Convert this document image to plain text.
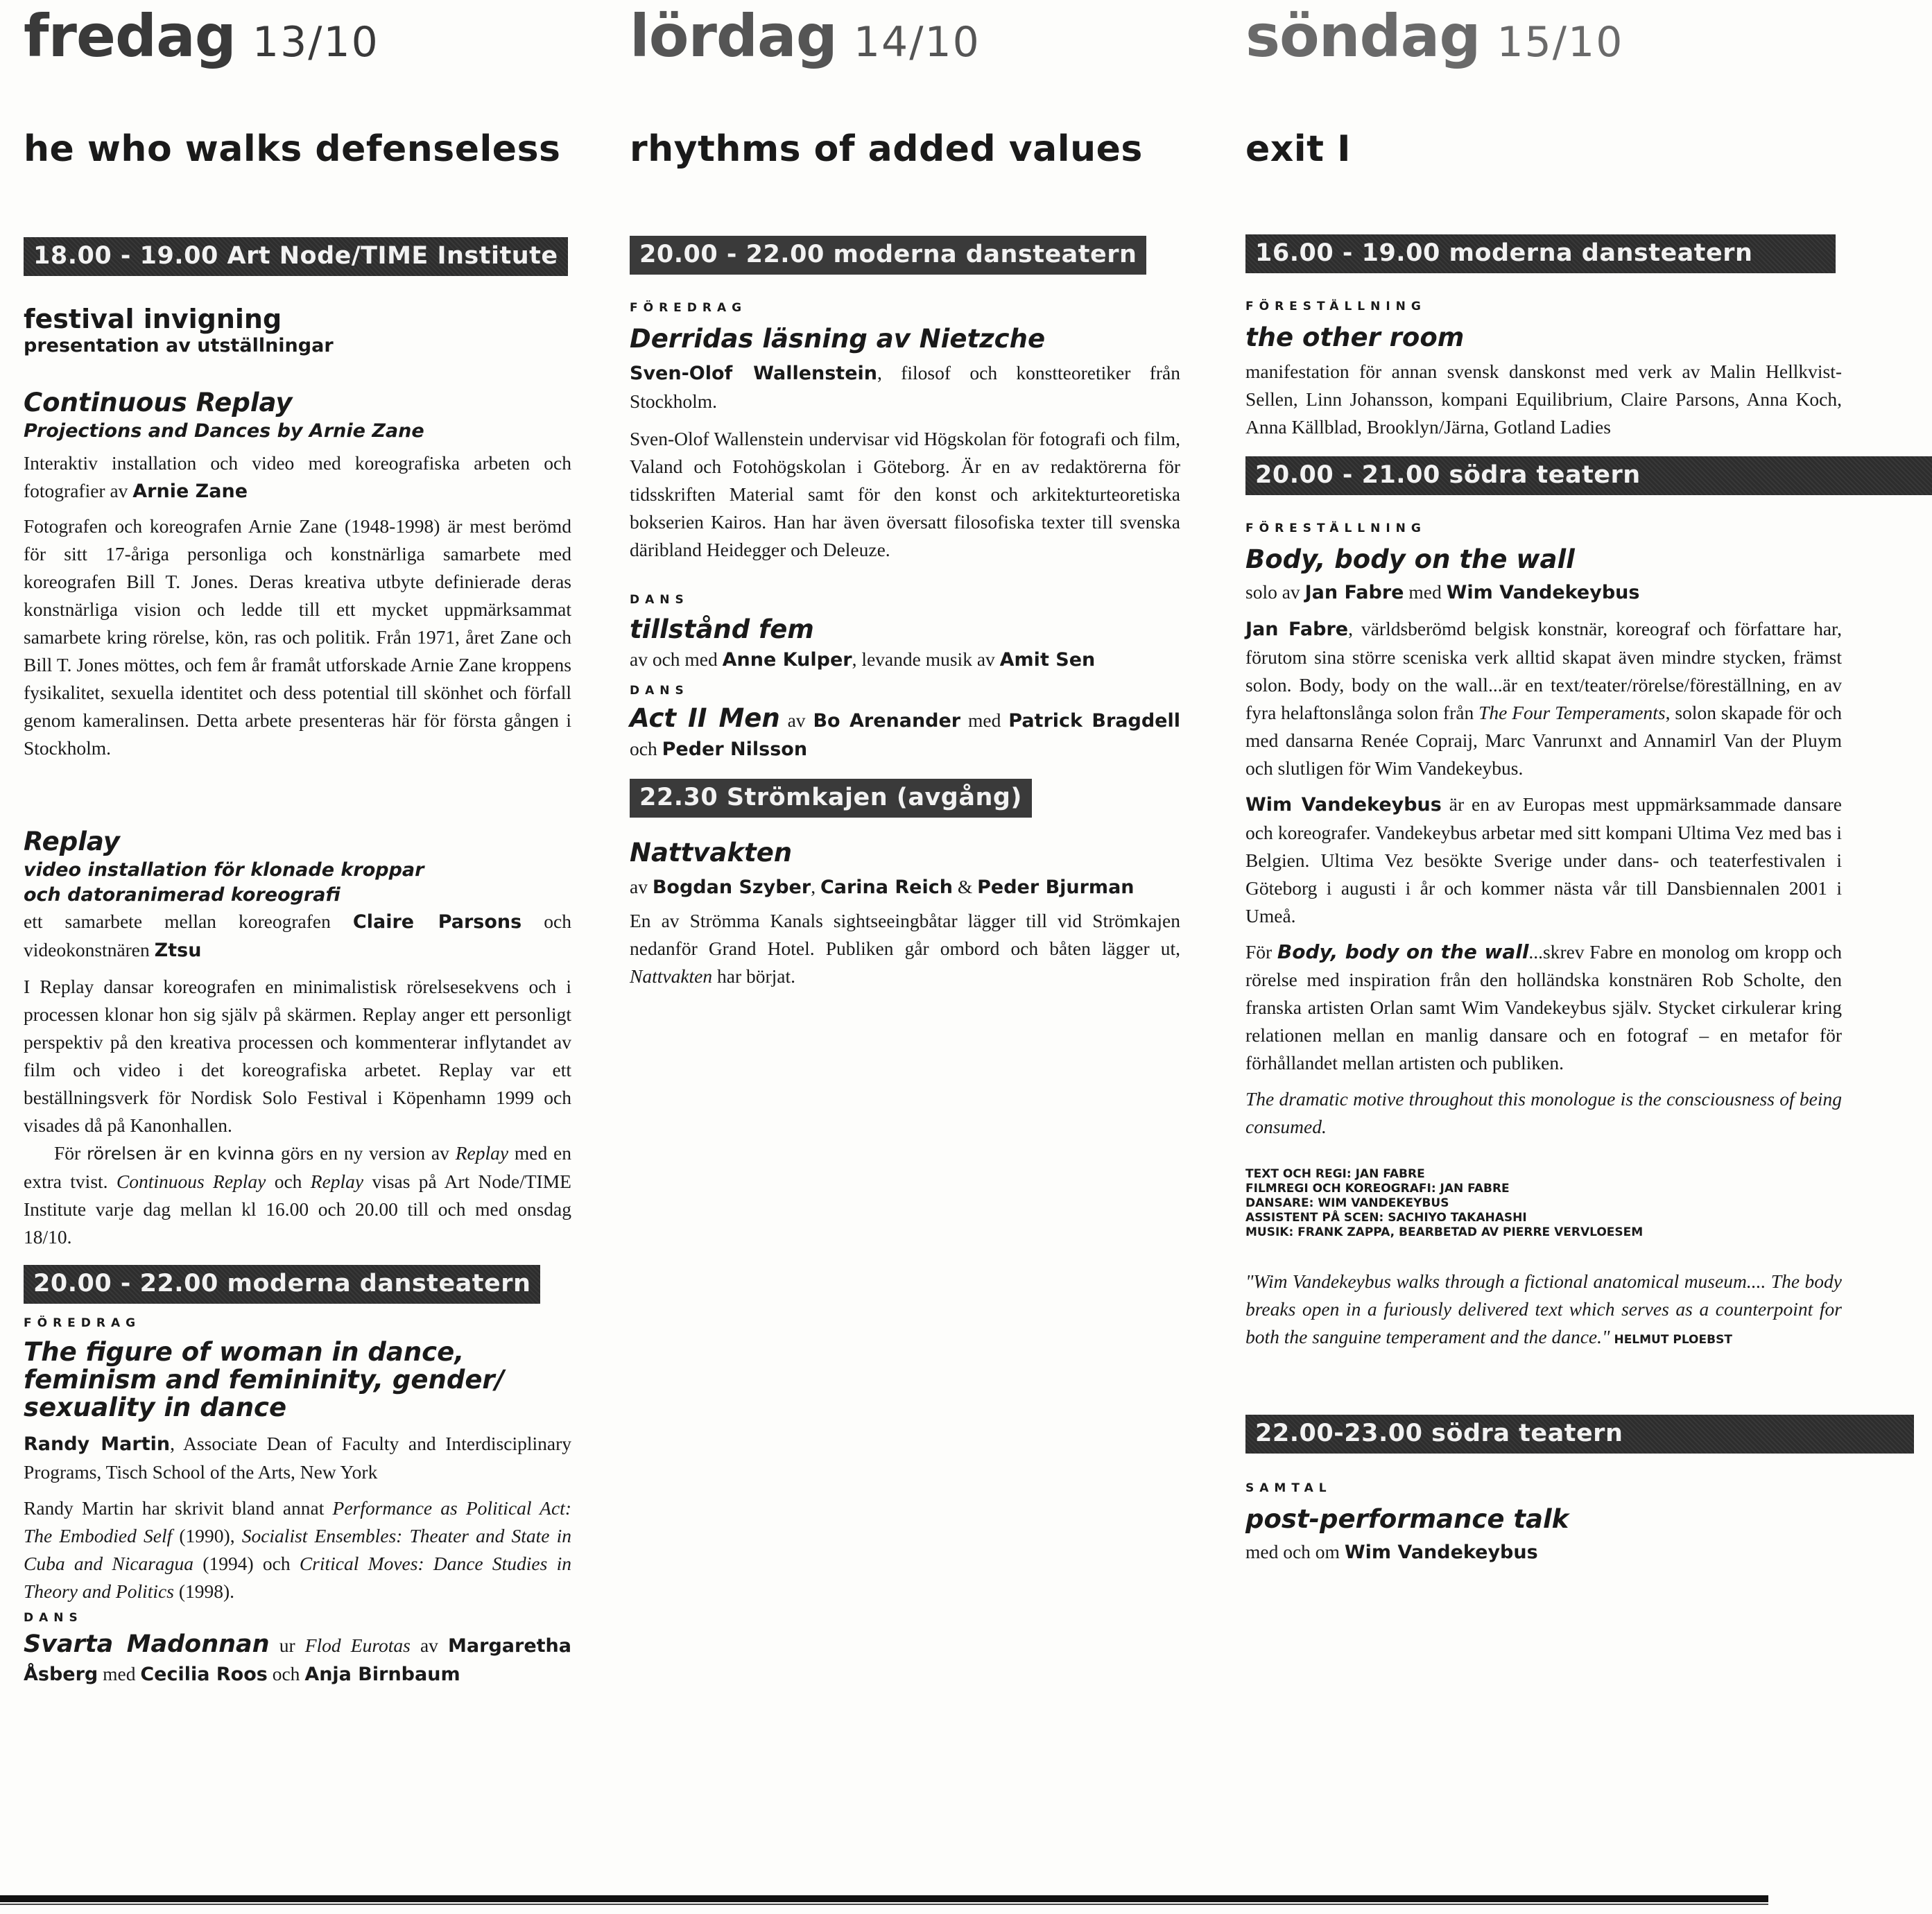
fredag 13/10
he who walks defenseless
18.00 - 19.00 Art Node/TIME Institute
festival invigning
presentation av utställningar
Continuous Replay
Projections and Dances by Arnie Zane

Interaktiv installation och video med koreografiska arbeten och fotografier av Arnie Zane

Fotografen och koreografen Arnie Zane (1948-1998) är mest berömd för sitt 17-åriga personliga och konstnärliga samarbete med koreografen Bill T. Jones. Deras kreativa utbyte definierade deras konstnärliga vision och ledde till ett mycket uppmärksammat samarbete kring rörelse, kön, ras och politik. Från 1971, året Zane och Bill T. Jones möttes, och fem år framåt utforskade Arnie Zane kroppens fysikalitet, sexuella identitet och dess potential till skönhet och förfall genom kameralinsen. Detta arbete presenteras här för första gången i Stockholm.

Replay
video installation för klonade kroppar
och datoranimerad koreografi

ett samarbete mellan koreografen Claire Parsons och videokonstnären Ztsu

I Replay dansar koreografen en minimalistisk rörelsesekvens och i processen klonar hon sig själv på skärmen. Replay anger ett personligt perspektiv på den kreativa processen och kommenterar inflytandet av film och video i det koreografiska arbetet. Replay var ett beställningsverk för Nordisk Solo Festival i Köpenhamn 1999 och visades då på Kanonhallen.

För rörelsen är en kvinna görs en ny version av Replay med en extra tvist. Continuous Replay och Replay visas på Art Node/TIME Institute varje dag mellan kl 16.00 och 20.00 till och med onsdag 18/10.

20.00 - 22.00 moderna dansteatern
FÖREDRAG
The figure of woman in dance, feminism and femininity, gender/ sexuality in dance

Randy Martin, Associate Dean of Faculty and Interdisciplinary Programs, Tisch School of the Arts, New York

Randy Martin har skrivit bland annat Performance as Political Act: The Embodied Self (1990), Socialist Ensembles: Theater and State in Cuba and Nicaragua (1994) och Critical Moves: Dance Studies in Theory and Politics (1998).

DANS

Svarta Madonnan ur Flod Eurotas av Margaretha Åsberg med Cecilia Roos och Anja Birnbaum

lördag 14/10
rhythms of added values
20.00 - 22.00 moderna dansteatern
FÖREDRAG
Derridas läsning av Nietzche

Sven-Olof Wallenstein, filosof och konstteoretiker från Stockholm.

Sven-Olof Wallenstein undervisar vid Högskolan för fotografi och film, Valand och Fotohögskolan i Göteborg. Är en av redaktörerna för tidsskriften Material samt för den konst och arkitekturteoretiska bokserien Kairos. Han har även översatt filosofiska texter till svenska däribland Heidegger och Deleuze.

DANS
tillstånd fem

av och med Anne Kulper, levande musik av Amit Sen

DANS

Act II Men av Bo Arenander med Patrick Bragdell och Peder Nilsson

22.30 Strömkajen (avgång)
Nattvakten

av Bogdan Szyber, Carina Reich & Peder Bjurman

En av Strömma Kanals sightseeingbåtar lägger till vid Strömkajen nedanför Grand Hotel. Publiken går ombord och båten lägger ut, Nattvakten har börjat.

söndag 15/10
exit I
16.00 - 19.00 moderna dansteatern
FÖRESTÄLLNING
the other room

manifestation för annan svensk danskonst med verk av Malin Hellkvist-Sellen, Linn Johansson, kompani Equilibrium, Claire Parsons, Anna Koch, Anna Källblad, Brooklyn/Järna, Gotland Ladies

20.00 - 21.00 södra teatern
FÖRESTÄLLNING
Body, body on the wall

solo av Jan Fabre med Wim Vandekeybus

Jan Fabre, världsberömd belgisk konstnär, koreograf och författare har, förutom sina större sceniska verk alltid skapat även mindre stycken, främst solon. Body, body on the wall...är en text/teater/rörelse/föreställning, en av fyra helaftonslånga solon från The Four Temperaments, solon skapade för och med dansarna Renée Copraij, Marc Vanrunxt and Annamirl Van der Pluym och slutligen för Wim Vandekeybus.

Wim Vandekeybus är en av Europas mest uppmärksammade dansare och koreografer. Vandekeybus arbetar med sitt kompani Ultima Vez med bas i Belgien. Ultima Vez besökte Sverige under dans- och teaterfestivalen i Göteborg i augusti i år och kommer nästa vår till Dansbiennalen 2001 i Umeå.

För Body, body on the wall...skrev Fabre en monolog om kropp och rörelse med inspiration från den holländska konstnären Rob Scholte, den franska artisten Orlan samt Wim Vandekeybus själv. Stycket cirkulerar kring relationen mellan en manlig dansare och en fotograf – en metafor för förhållandet mellan artisten och publiken.

The dramatic motive throughout this monologue is the consciousness of being consumed.

TEXT OCH REGI: JAN FABRE
FILMREGI OCH KOREOGRAFI: JAN FABRE
DANSARE: WIM VANDEKEYBUS
ASSISTENT PÅ SCEN: SACHIYO TAKAHASHI
MUSIK: FRANK ZAPPA, BEARBETAD AV PIERRE VERVLOESEM

"Wim Vandekeybus walks through a fictional anatomical museum.... The body breaks open in a furiously delivered text which serves as a counterpoint for both the sanguine temperament and the dance." HELMUT PLOEBST

22.00-23.00 södra teatern
SAMTAL
post-performance talk

med och om Wim Vandekeybus
